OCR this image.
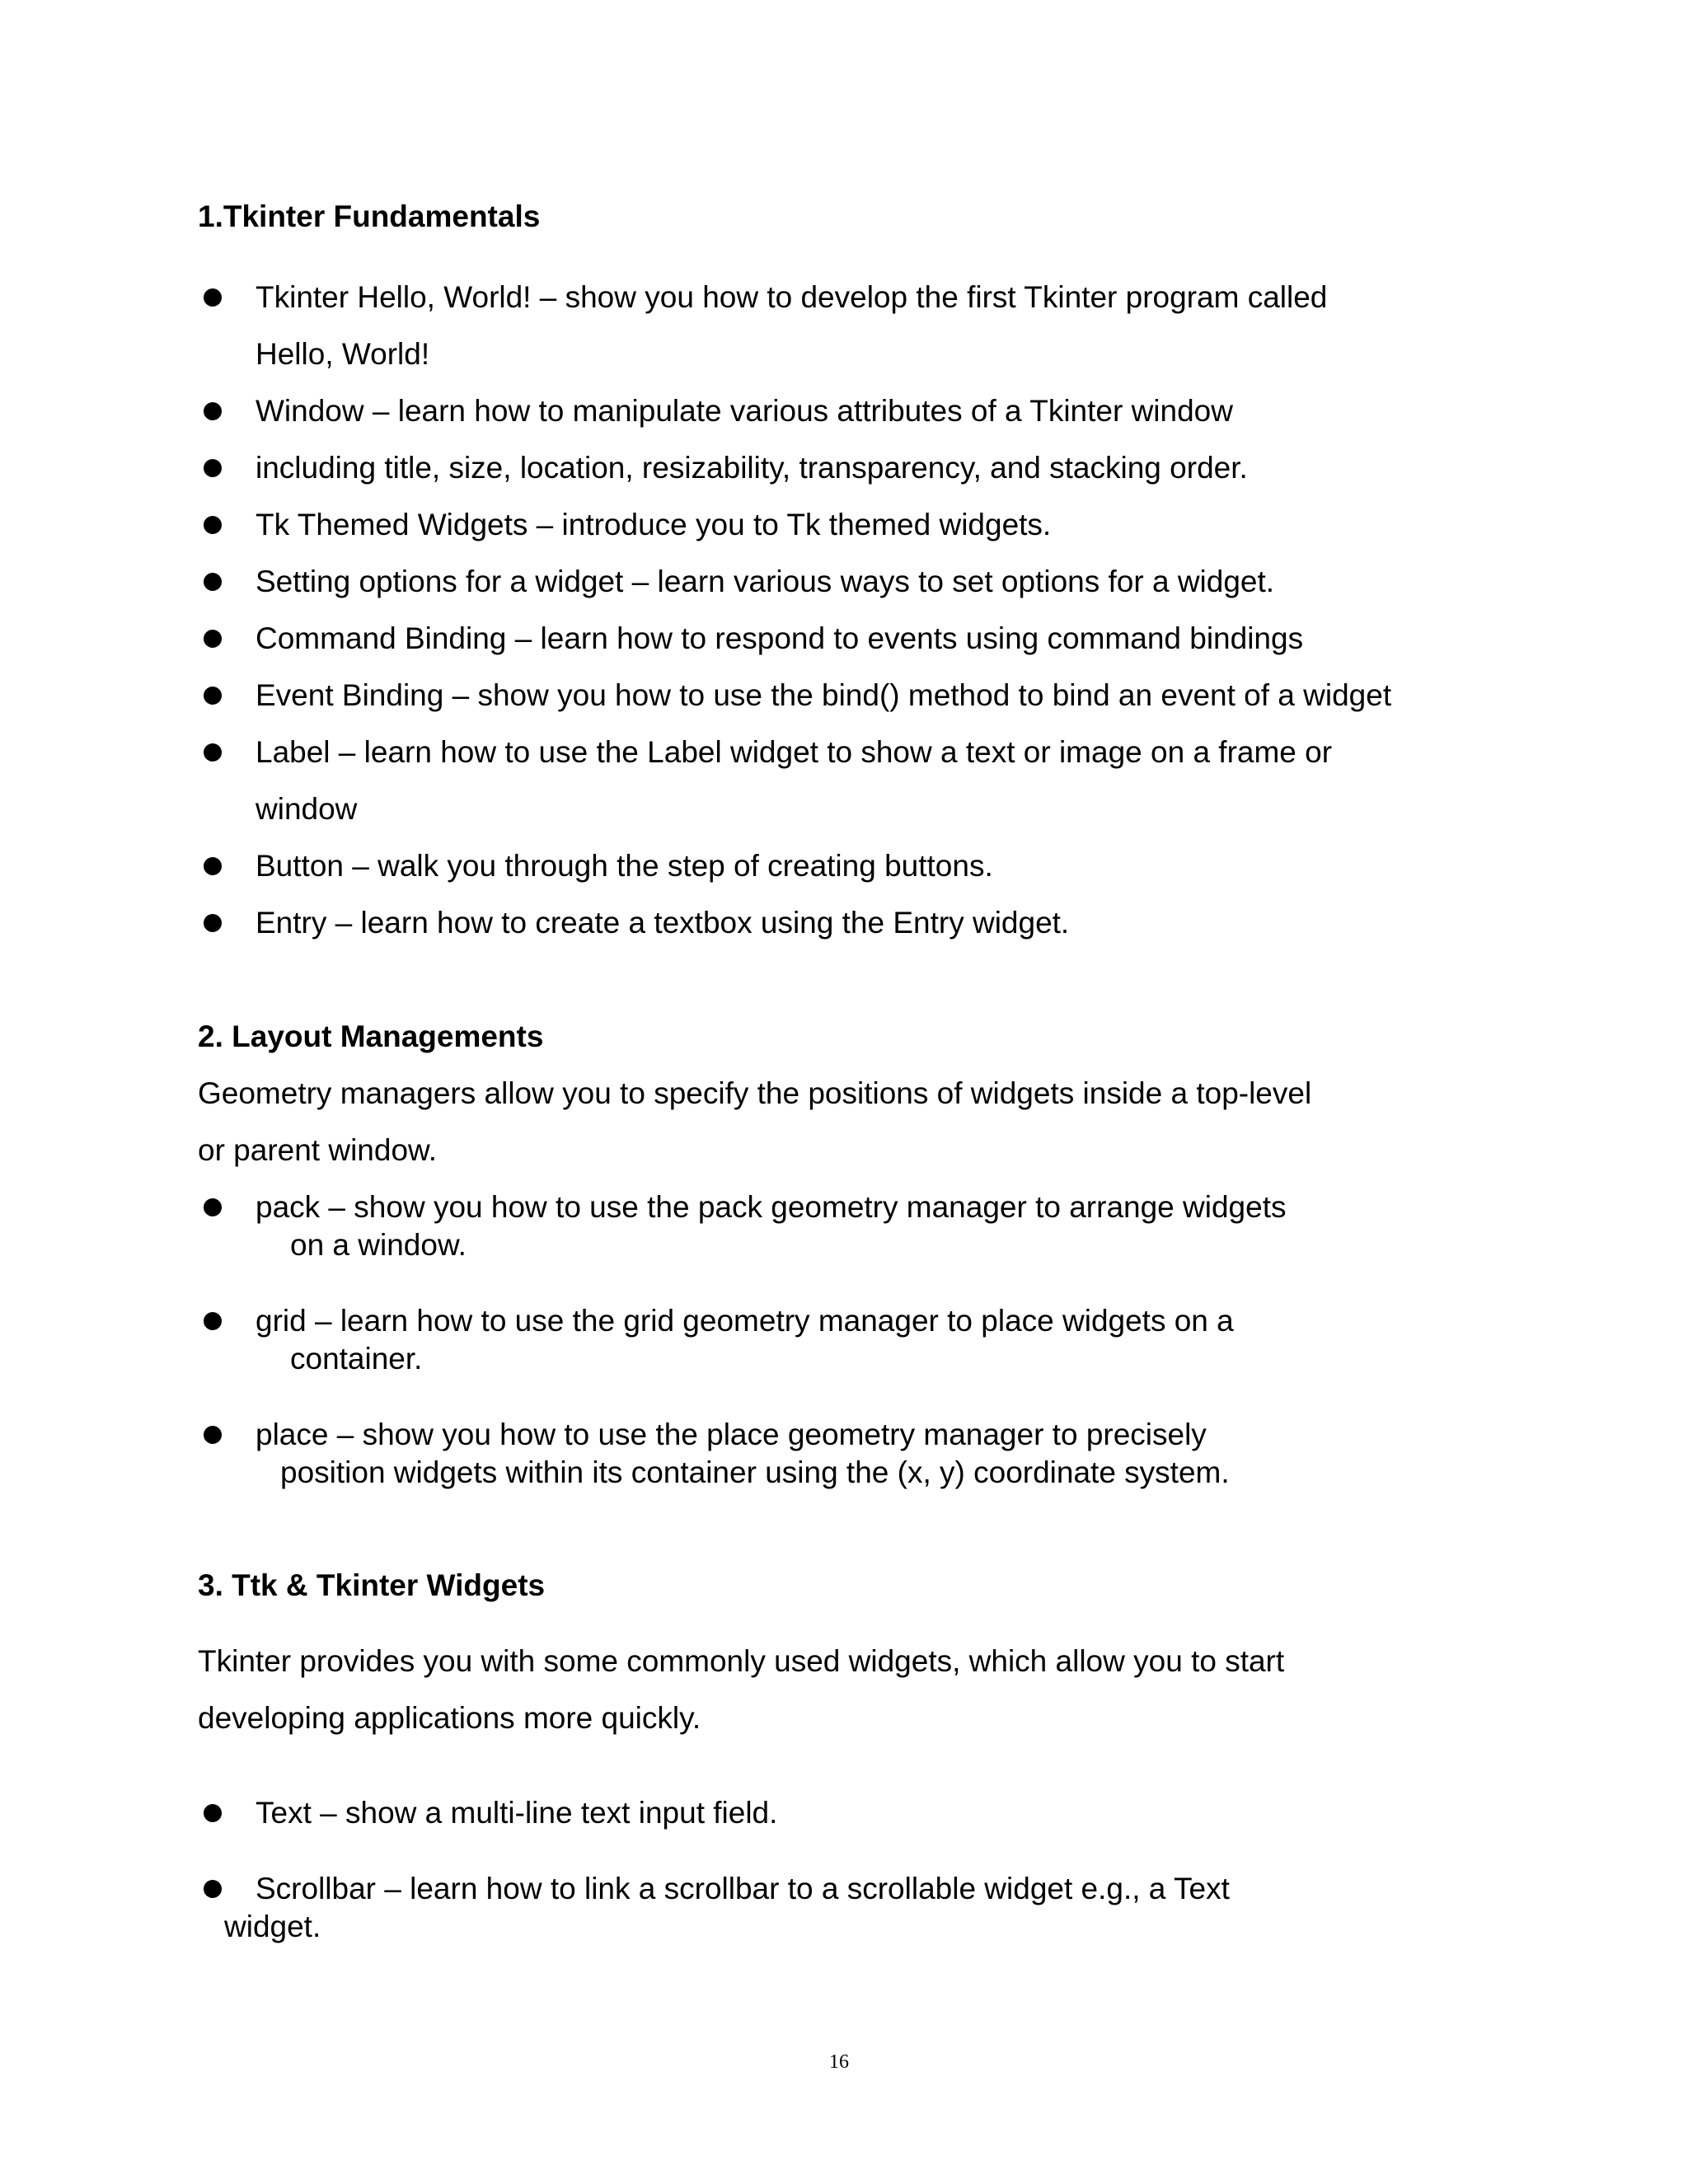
1.Tkinter Fundamentals
Tkinter Hello, World! – show you how to develop the first Tkinter program called
Hello, World!
Window – learn how to manipulate various attributes of a Tkinter window
including title, size, location, resizability, transparency, and stacking order.
Tk Themed Widgets – introduce you to Tk themed widgets.
Setting options for a widget – learn various ways to set options for a widget.
Command Binding – learn how to respond to events using command bindings
Event Binding – show you how to use the bind() method to bind an event of a widget
Label – learn how to use the Label widget to show a text or image on a frame or
window
Button – walk you through the step of creating buttons.
Entry – learn how to create a textbox using the Entry widget.
2. Layout Managements
Geometry managers allow you to specify the positions of widgets inside a top-level
or parent window.
pack – show you how to use the pack geometry manager to arrange widgets
on a window.
grid – learn how to use the grid geometry manager to place widgets on a
container.
place – show you how to use the place geometry manager to precisely
position widgets within its container using the (x, y) coordinate system.
3. Ttk & Tkinter Widgets
Tkinter provides you with some commonly used widgets, which allow you to start
developing applications more quickly.
Text – show a multi-line text input field.
Scrollbar – learn how to link a scrollbar to a scrollable widget e.g., a Text
widget.
16
